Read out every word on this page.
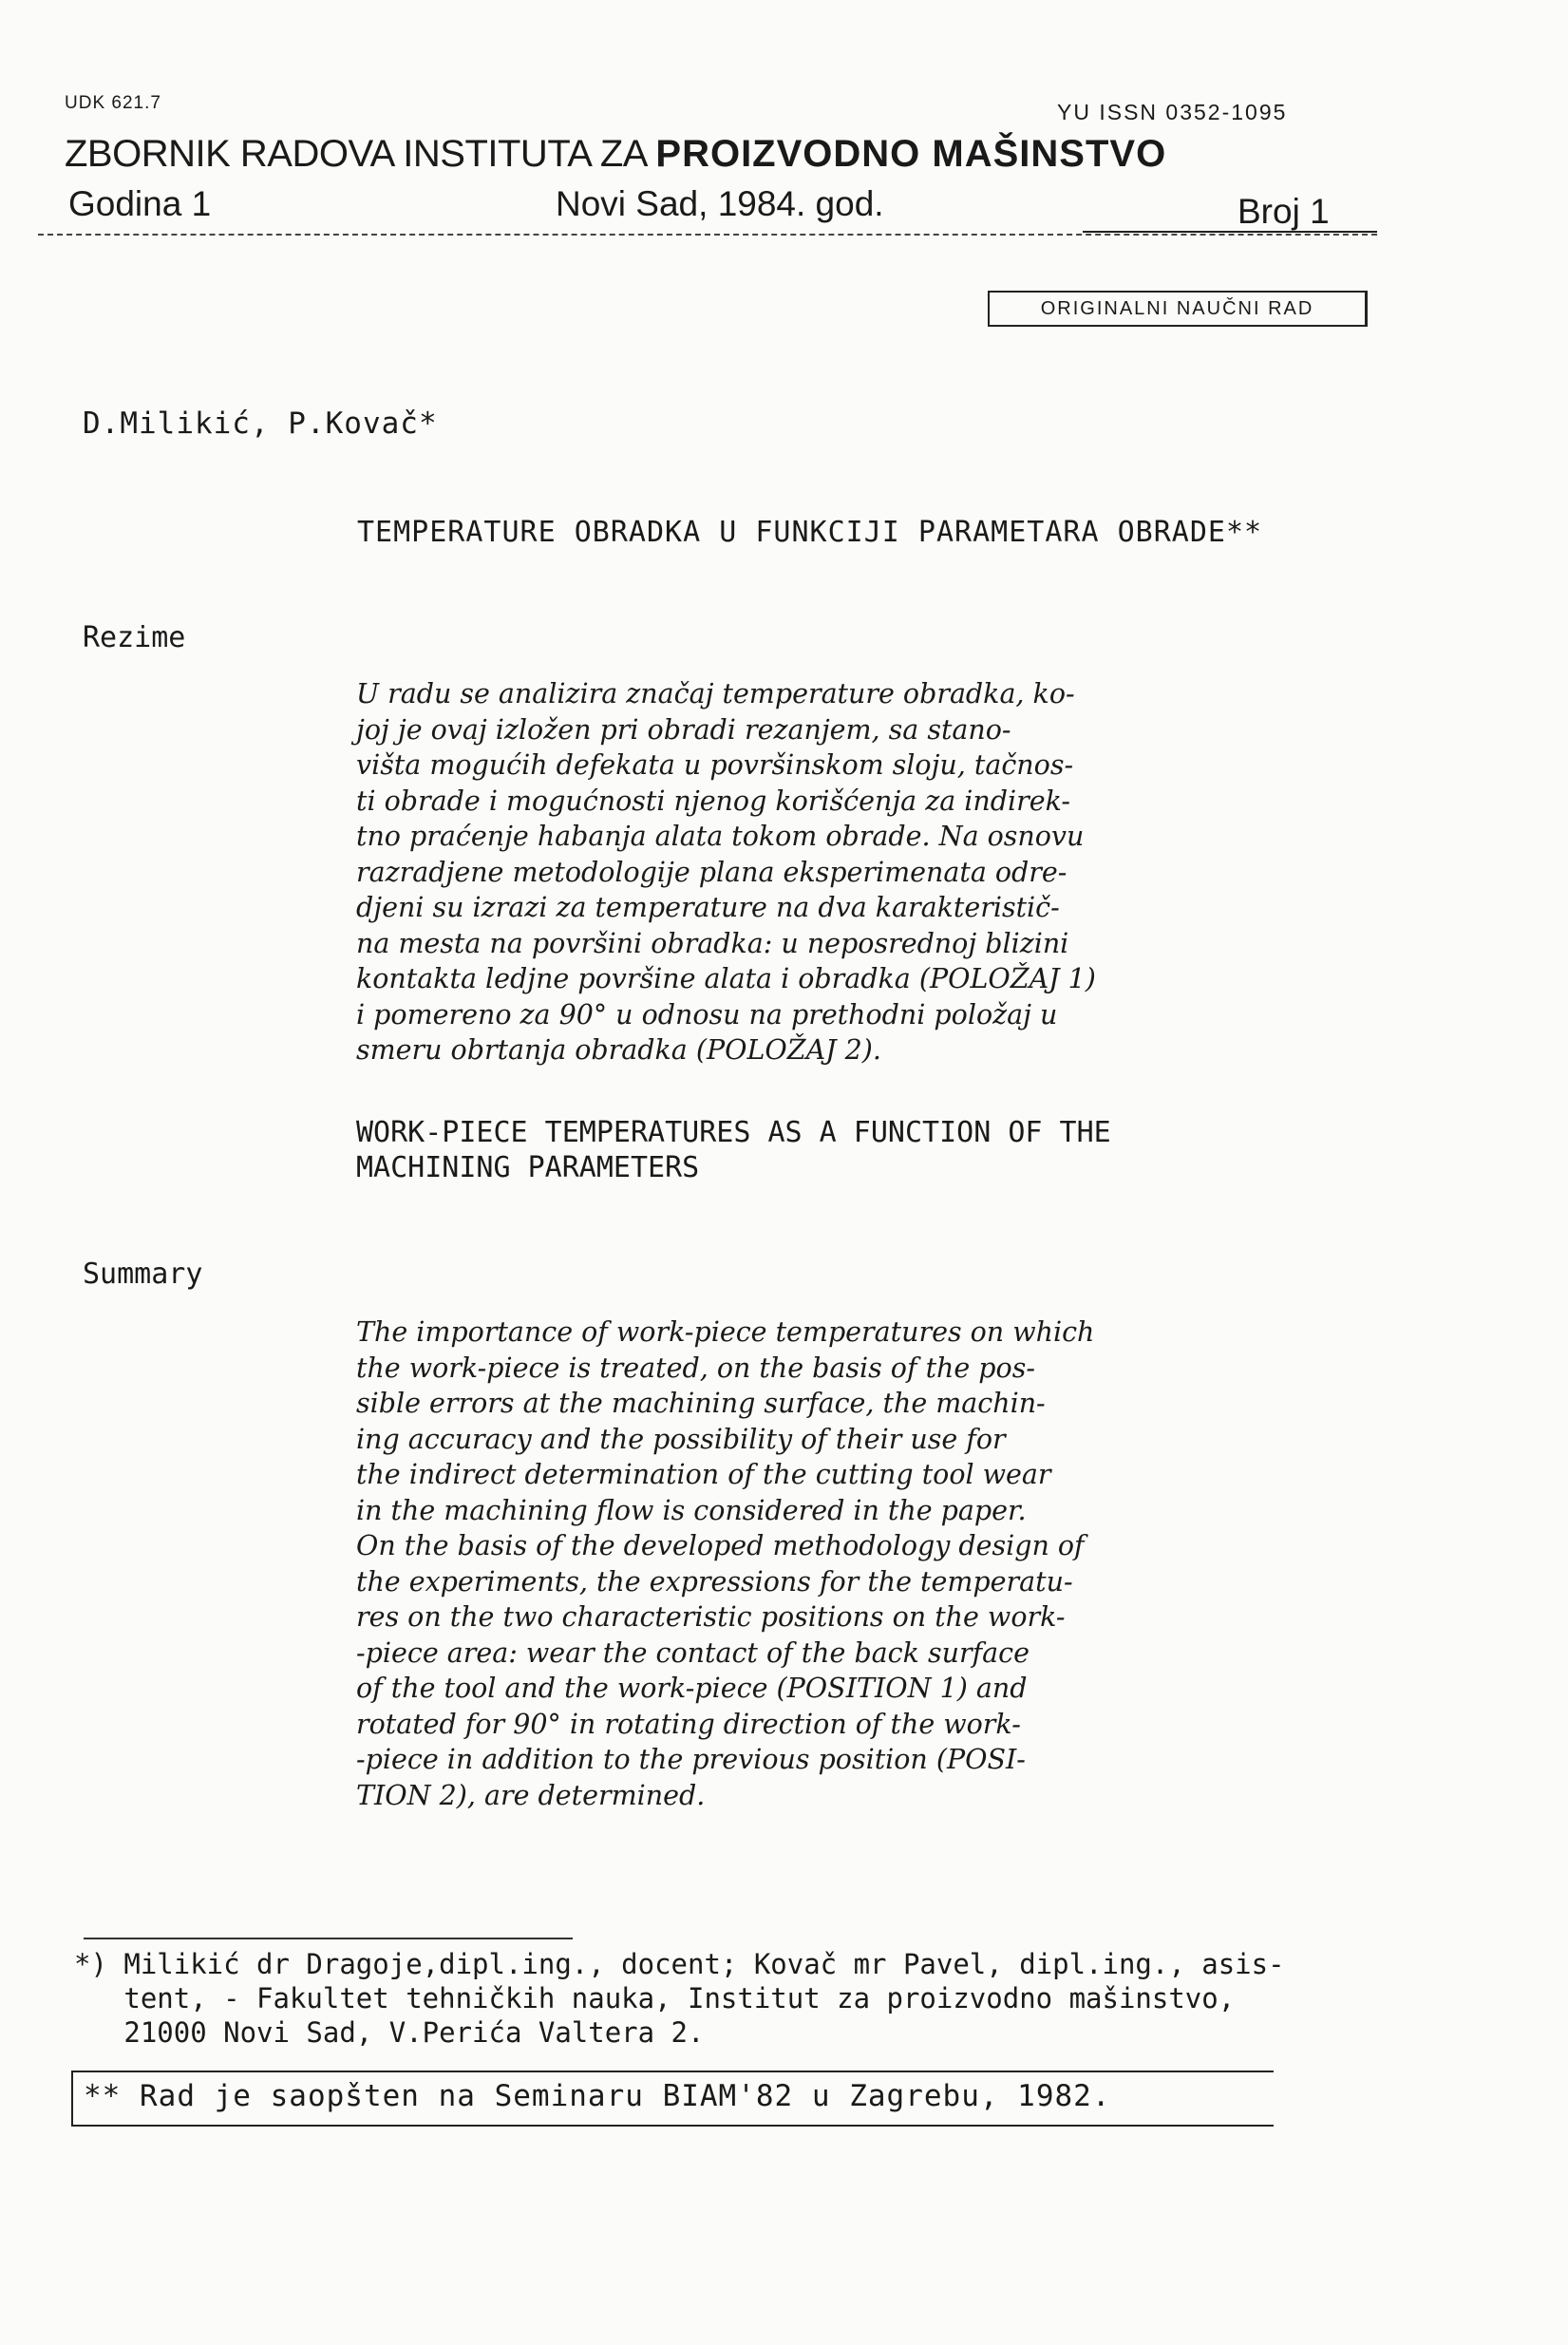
UDK 621.7	YU ISSN 0352-1095
ZBORNIK RADOVA INSTITUTA ZA PROIZVODNO MAŠINSTVO
Godina 1	Novi Sad, 1984. god.	Broj 1
ORIGINALNI NAUČNI RAD
D.Milikić, P.Kovač*
TEMPERATURE OBRADKA U FUNKCIJI PARAMETARA OBRADE**
Rezime
U radu se analizira značaj temperature obradka, ko-
joj je ovaj izložen pri obradi rezanjem, sa stano-
višta mogućih defekata u površinskom sloju, tačnos-
ti obrade i mogućnosti njenog korišćenja za indirek-
tno praćenje habanja alata tokom obrade. Na osnovu
razradjene metodologije plana eksperimenata odre-
djeni su izrazi za temperature na dva karakteristič-
na mesta na površini obradka: u neposrednoj blizini
kontakta ledjne površine alata i obradka (POLOŽAJ 1)
i pomereno za 90° u odnosu na prethodni položaj u
smeru obrtanja obradka (POLOŽAJ 2).
WORK-PIECE TEMPERATURES AS A FUNCTION OF THE
MACHINING PARAMETERS
Summary
The importance of work-piece temperatures on which
the work-piece is treated, on the basis of the pos-
sible errors at the machining surface, the machin-
ing accuracy and the possibility of their use for
the indirect determination of the cutting tool wear
in the machining flow is considered in the paper.
On the basis of the developed methodology design of
the experiments, the expressions for the temperatu-
res on the two characteristic positions on the work-
-piece area: wear the contact of the back surface
of the tool and the work-piece (POSITION 1) and
rotated for 90° in rotating direction of the work-
-piece in addition to the previous position (POSI-
TION 2), are determined.
*) Milikić dr Dragoje,dipl.ing., docent; Kovač mr Pavel, dipl.ing., asis-
tent, - Fakultet tehničkih nauka, Institut za proizvodno mašinstvo,
21000 Novi Sad, V.Perića Valtera 2.
** Rad je saopšten na Seminaru BIAM'82 u Zagrebu, 1982.
